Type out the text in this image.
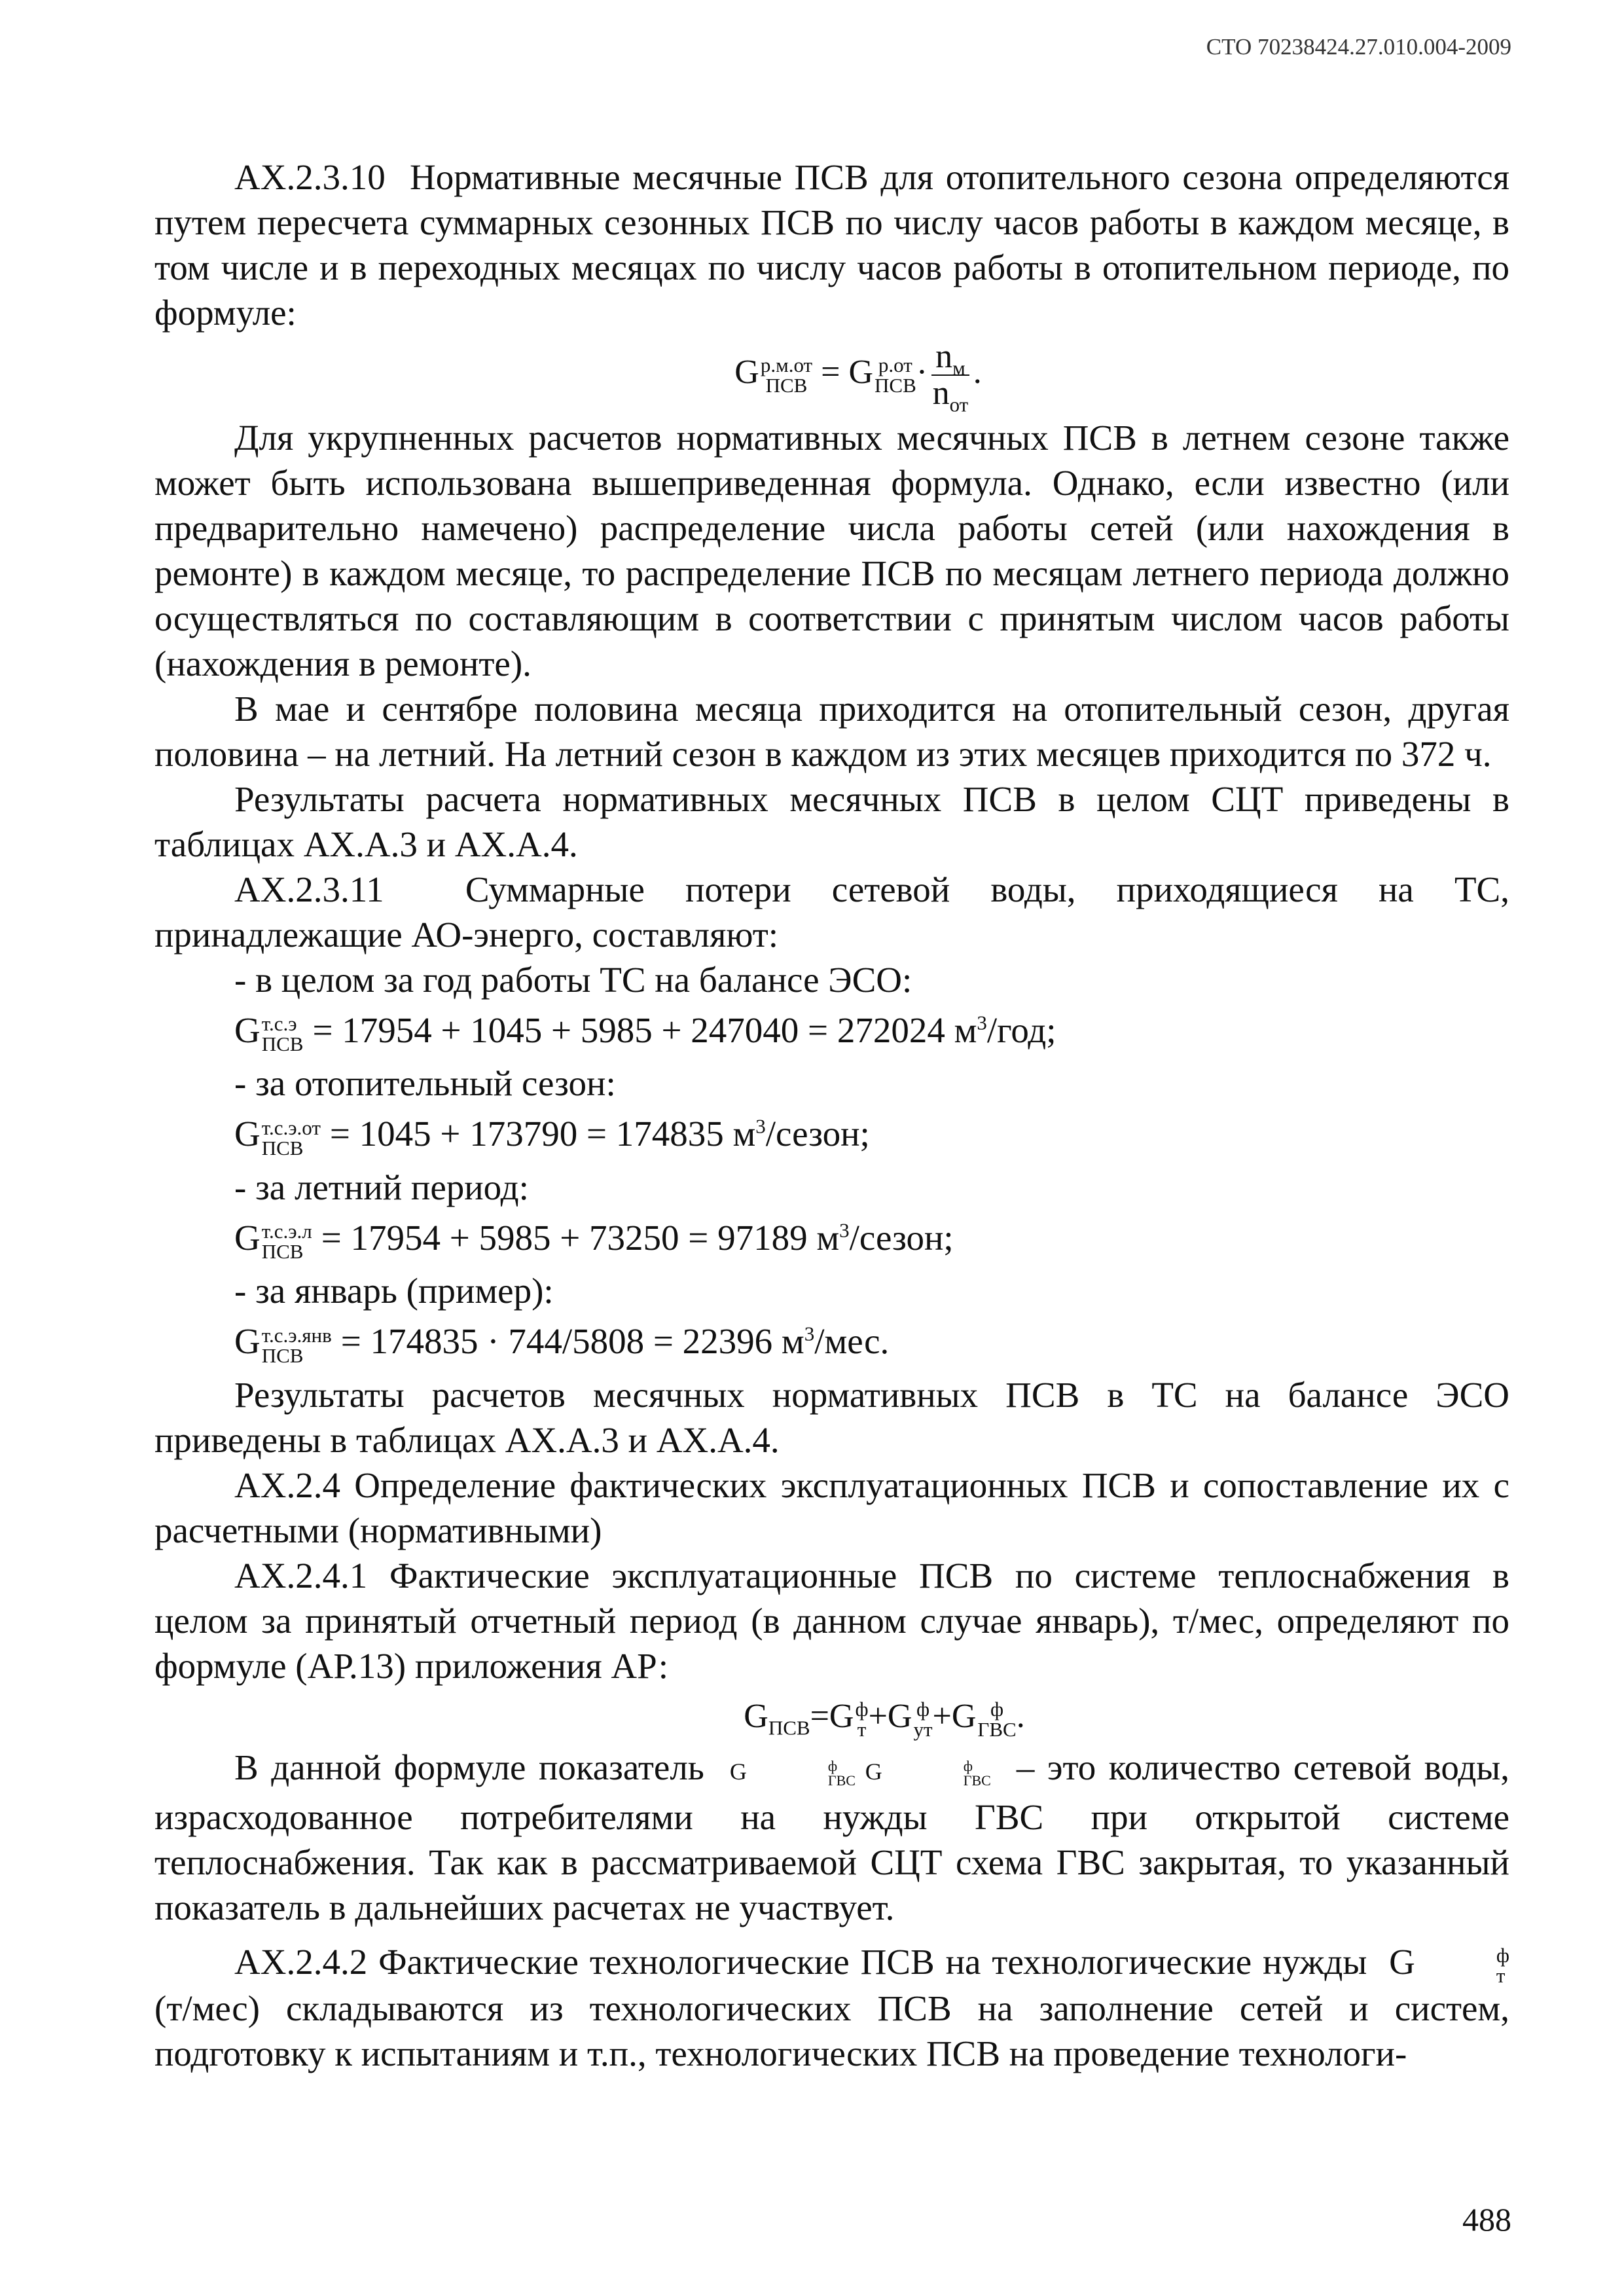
СТО 70238424.27.010.004-2009

АХ.2.3.10 Нормативные месячные ПСВ для отопительного сезона определяются путем пересчета суммарных сезонных ПСВ по числу часов работы в каждом месяце, в том числе и в переходных месяцах по числу часов работы в отопительном периоде, по формуле:

G р.м.от
ПСВ = G р.от
ПСВ · $\frac{n_м}{n_{от}}$ .

Для укрупненных расчетов нормативных месячных ПСВ в летнем сезоне также может быть использована вышеприведенная формула. Однако, если известно (или предварительно намечено) распределение числа работы сетей (или нахождения в ремонте) в каждом месяце, то распределение ПСВ по месяцам летнего периода должно осуществляться по составляющим в соответствии с принятым числом часов работы (нахождения в ремонте).

В мае и сентябре половина месяца приходится на отопительный сезон, другая половина – на летний. На летний сезон в каждом из этих месяцев приходится по 372 ч.

Результаты расчета нормативных месячных ПСВ в целом СЦТ приведены в таблицах АХ.А.3 и АХ.А.4.

АХ.2.3.11 Суммарные потери сетевой воды, приходящиеся на ТС, принадлежащие АО-энерго, составляют:

- в целом за год работы ТС на балансе ЭСО:

G т.с.э
ПСВ = 17954 + 1045 + 5985 + 247040 = 272024 $м^3$/год;

- за отопительный сезон:

G т.с.э.от
ПСВ = 1045 + 173790 = 174835 $м^3$/сезон;

- за летний период:

G т.с.э.л
ПСВ = 17954 + 5985 + 73250 = 97189 $м^3$/сезон;

- за январь (пример):

G т.с.э.янв
ПСВ	= 174835 · 744/5808 = 22396 $м^3$/мес.

Результаты расчетов месячных нормативных ПСВ в ТС на балансе ЭСО приведены в таблицах АХ.А.3 и АХ.А.4.

АХ.2.4 Определение фактических эксплуатационных ПСВ и сопоставление их с расчетными (нормативными)

АХ.2.4.1 Фактические эксплуатационные ПСВ по системе теплоснабжения в целом за принятый отчетный период (в данном случае январь), т/мес, определяют по формуле (АР.13) приложения АР:

$G_{ПСВ}=G$ ф
т +G ф
ут +G ф
ГВС .

В данной формуле показатель G	ф
ГВС G	ф
ГВС – это количество сетевой воды, израсходованное потребителями на нужды ГВС при открытой системе теплоснабжения. Так как в рассматриваемой СЦТ схема ГВС закрытая, то указанный показатель в дальнейших расчетах не участвует.

АХ.2.4.2 Фактические технологические ПСВ на технологические нужды G	ф
т
(т/мес) складываются из технологических ПСВ на заполнение сетей и систем, подготовку к испытаниям и т.п., технологических ПСВ на проведение технологи-

488
